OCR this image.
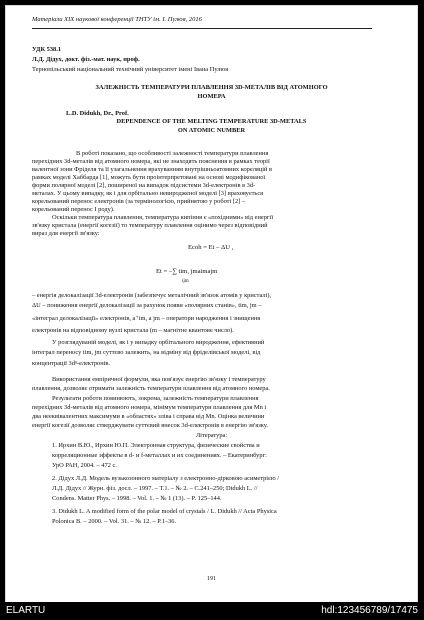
Матеріали XIX наукової конференції ТНТУ ім. І. Пулюя, 2016
УДК 538.1
Л.Д. Дідух, докт. фіз.-мат. наук, проф.
Тернопільський національний технічний університет імені Івана Пулюя
ЗАЛЕЖНІСТЬ ТЕМПЕРАТУРИ ПЛАВЛЕННЯ 3D-МЕТАЛІВ ВІД АТОМНОГО
НОМЕРА
L.D. Didukh, Dr., Prof.
DEPENDENCE OF THE MELTING TEMPERATURE 3D-METALS
ON ATOMIC NUMBER
В роботі показано, що особливості залежності температури плавлення
перехідних 3d-металів від атомного номера, які не знаходять пояснення в рамках теорії
валентної зони Фріделя та її узагальнення врахуванням внутрішньоатомних кореляцій в
рамках моделі Хаббарда [1], можуть бути проінтерпретовані на основі модифікованої
форми полярної моделі [2], поширеної на випадок підсистеми 3d-електронів в 3d-
металах. У цьому випадку, як і для орбітально невиродженої моделі [3] враховується
корельований перенос електронів (за термінологією, прийнятою у роботі [2] –
корельований перенос І роду).
Оскільки температура плавлення, температура кипіння є «похідними» від енергії
зв'язку кристала (енергії когезії) то температуру плавлення оцінимо через відповідний
вираз для енергії зв'язку:
Ecoh = Et – ΔU ,
Et = –∑ tim, jmaimajm
ijm
– енергія делокалізації 3d-електронів (забезпечує металічний зв'язок атомів у кристалі),
ΔU – пониження енергії делокалізації за рахунок появи «полярних станів», tim, jm –
«інтеграл делокалізації» електронів, a⁺im, a jm – оператори народження і знищення
електронів на відповідному вузлі кристала (m – магнітне квантове число).
У розглядуваній моделі, як і у випадку орбітального виродження, ефективний
інтеграл переносу tim, jm суттєво залежить, на відміну від фріделівської моделі, від
концентрації 3dⁿ-електронів.
Використання емпіричної формули, яка пов'язує енергію зв'язку і температуру
плавлення, дозволяє отримати залежність температури плавлення від атомного номера.
Результати роботи повинюють, зокрема, залежність температури плавлення
перехідних 3d-металів від атомного номера, мінімум температури плавлення для Mn і
два нееквівалентних максимуми в «областях» зліва і справа від Mn. Оцінка величини
енергії когезії дозволяє стверджувати суттєвий внесок 3d-електронів в енергію зв'язку.
Література:
1. Ирхин В.Ю., Ирхин Ю.П. Электронная структура, физические свойства и
корреляционные эффекты в d- и f-металлах и их соединениях. – Екатеринбург:
УрО РАН, 2004. – 472 с.
2. Дідух Л.Д. Модель вузькозонного матеріалу з електронно-дірковою асиметрією /
Л.Д. Дідух // Журн. фіз. досл. – 1997. – Т.1. – № 2. – С.241–250; Didukh L. //
Condens. Matter Phys. – 1998. – Vol. 1. – № 1 (13). – P. 125–144.
3. Didukh L. A modified form of the polar model of crystals / L. Didukh // Acta Physica
Polonica B. – 2000. – Vol. 31. – № 12. – P.1–36.
191
ELARTU	hdl:123456789/17475
